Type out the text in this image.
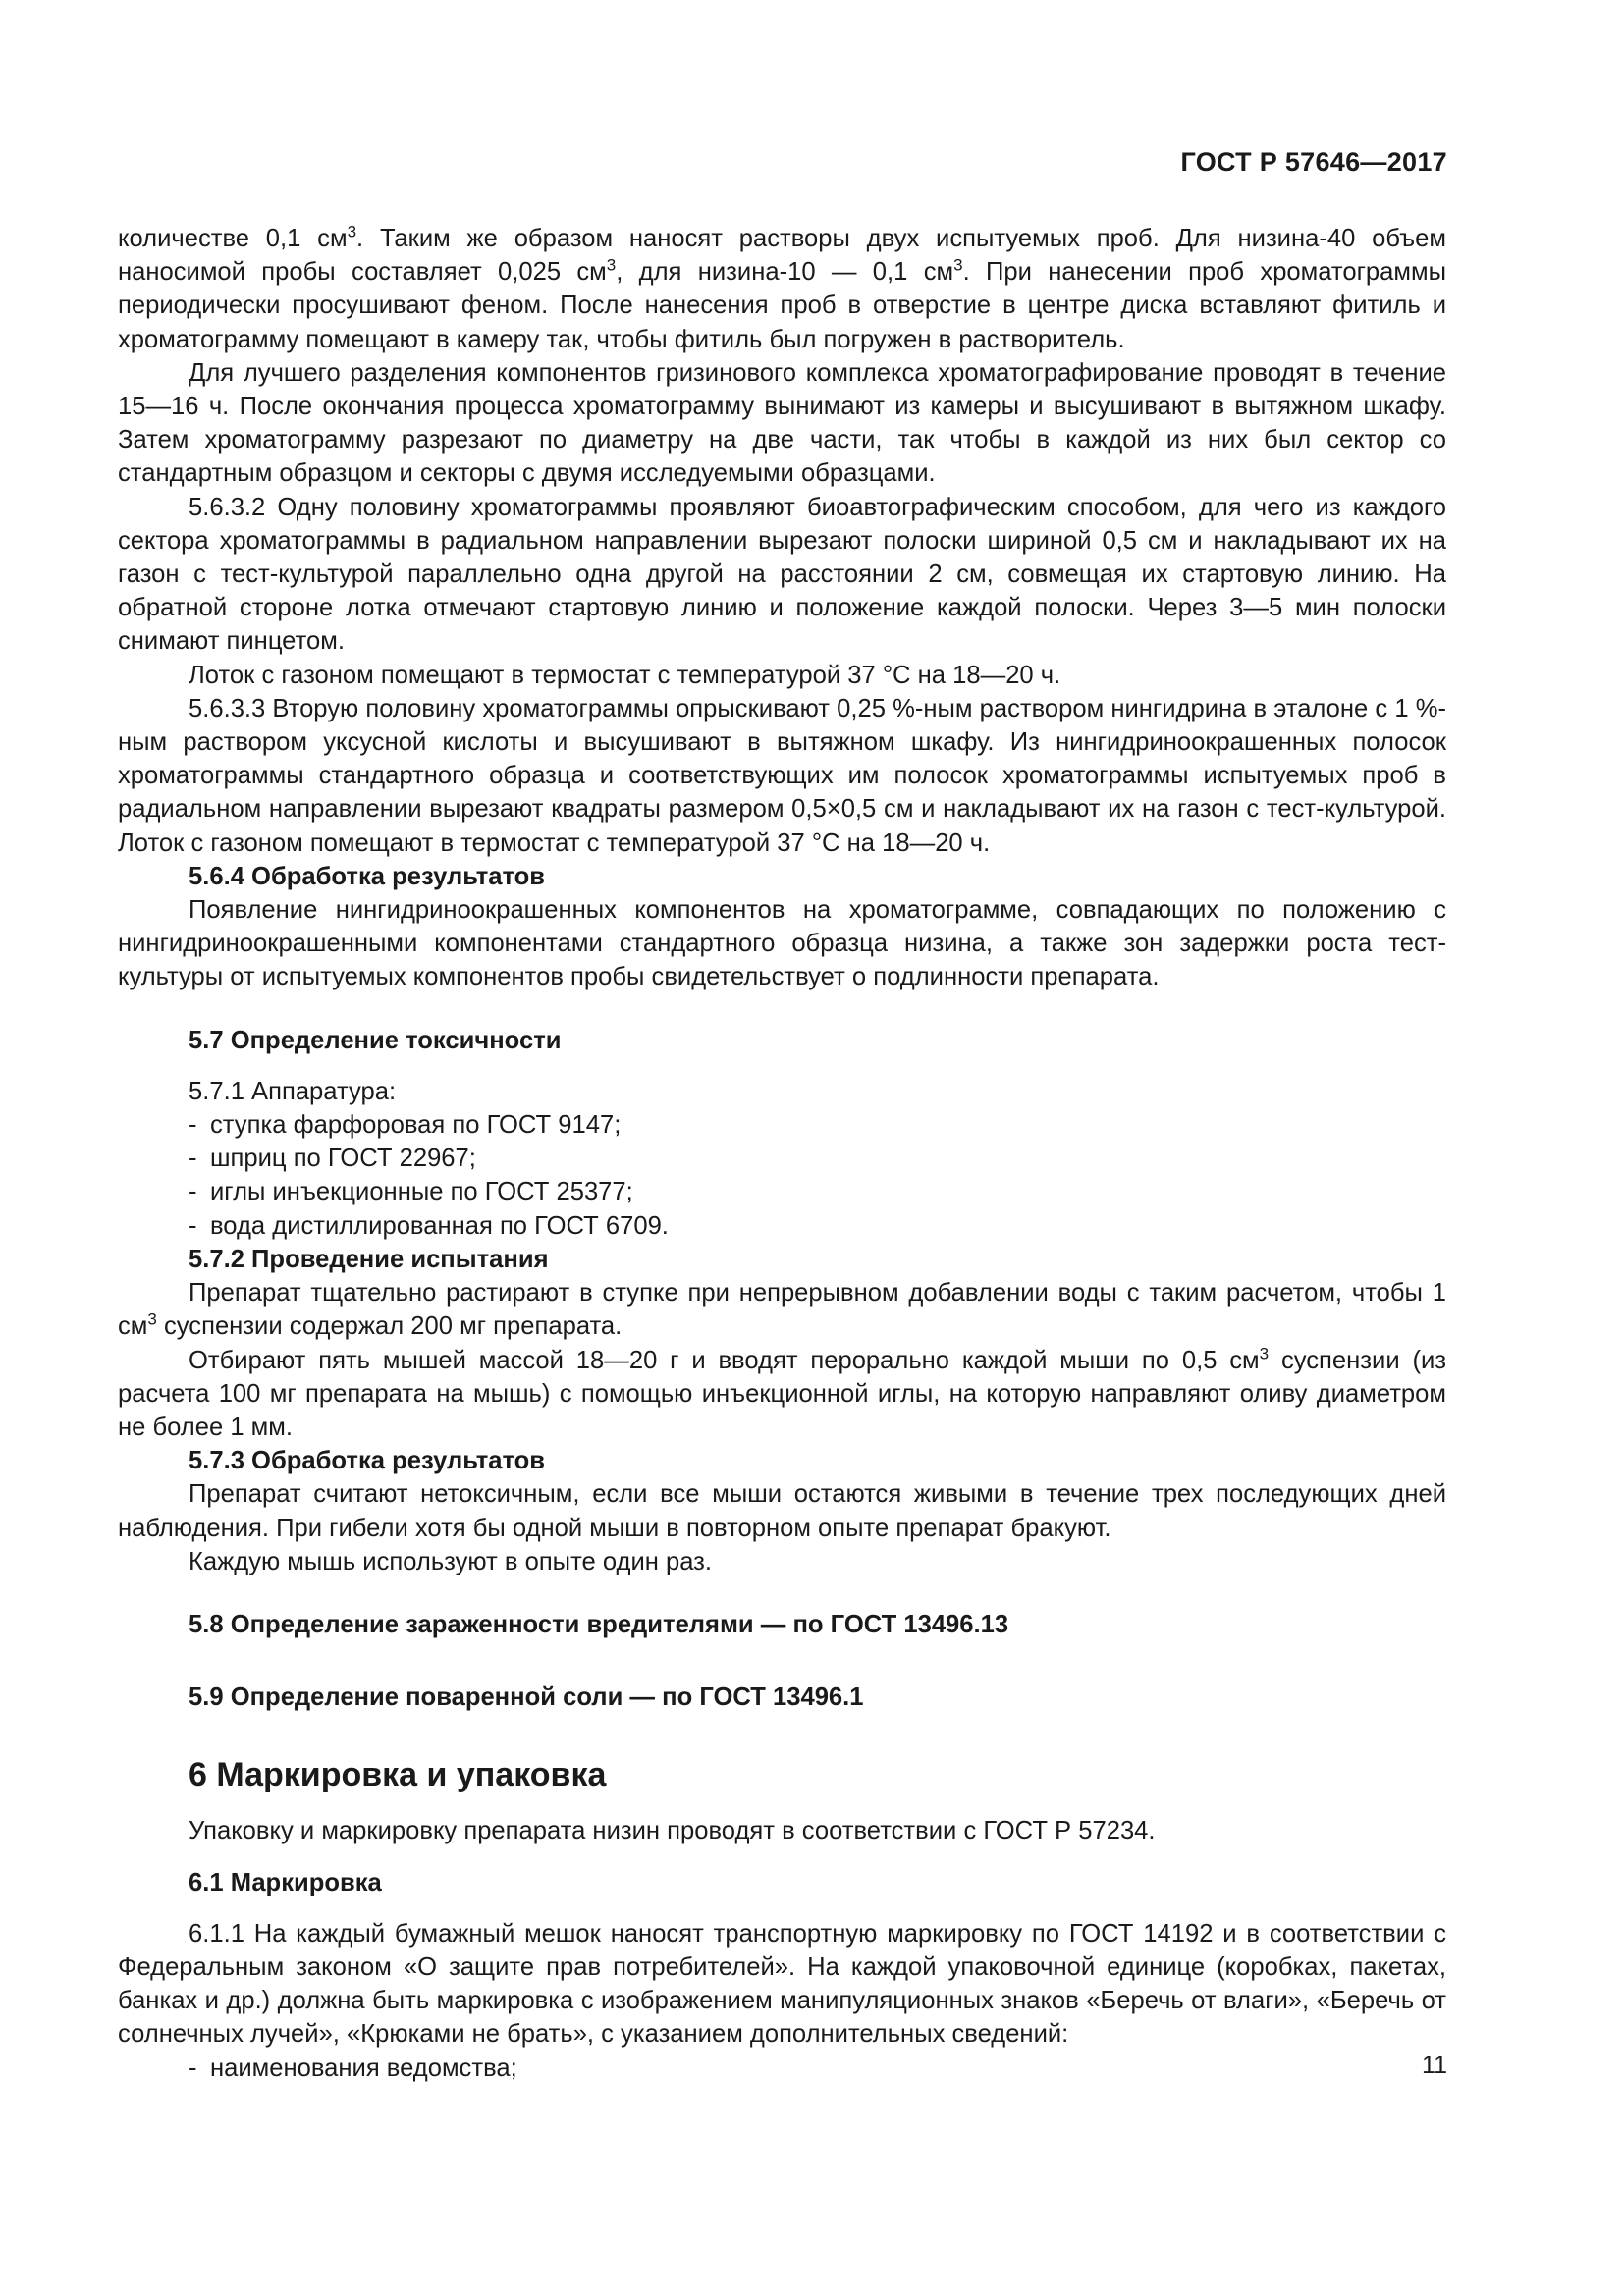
ГОСТ Р 57646—2017

количестве 0,1 $см^3$. Таким же образом наносят растворы двух испытуемых проб. Для низина-40 объем наносимой пробы составляет 0,025 $см^3$, для низина-10 — 0,1 $см^3$. При нанесении проб хроматограммы периодически просушивают феном. После нанесения проб в отверстие в центре диска вставляют фитиль и хроматограмму помещают в камеру так, чтобы фитиль был погружен в растворитель.

Для лучшего разделения компонентов гризинового комплекса хроматографирование проводят в течение 15—16 ч. После окончания процесса хроматограмму вынимают из камеры и высушивают в вытяжном шкафу. Затем хроматограмму разрезают по диаметру на две части, так чтобы в каждой из них был сектор со стандартным образцом и секторы с двумя исследуемыми образцами.

5.6.3.2 Одну половину хроматограммы проявляют биоавтографическим способом, для чего из каждого сектора хроматограммы в радиальном направлении вырезают полоски шириной 0,5 см и накладывают их на газон с тест-культурой параллельно одна другой на расстоянии 2 см, совмещая их стартовую линию. На обратной стороне лотка отмечают стартовую линию и положение каждой полоски. Через 3—5 мин полоски снимают пинцетом.

Лоток с газоном помещают в термостат с температурой 37 °С на 18—20 ч.

5.6.3.3 Вторую половину хроматограммы опрыскивают 0,25 %-ным раствором нингидрина в эталоне с 1 %-ным раствором уксусной кислоты и высушивают в вытяжном шкафу. Из нингидриноокрашенных полосок хроматограммы стандартного образца и соответствующих им полосок хроматограммы испытуемых проб в радиальном направлении вырезают квадраты размером 0,5×0,5 см и накладывают их на газон с тест-культурой. Лоток с газоном помещают в термостат с температурой 37 °С на 18—20 ч.

5.6.4 Обработка результатов

Появление нингидриноокрашенных компонентов на хроматограмме, совпадающих по положению с нингидриноокрашенными компонентами стандартного образца низина, а также зон задержки роста тест-культуры от испытуемых компонентов пробы свидетельствует о подлинности препарата.

5.7 Определение токсичности

5.7.1 Аппаратура:

- ступка фарфоровая по ГОСТ 9147;

- шприц по ГОСТ 22967;

- иглы инъекционные по ГОСТ 25377;

- вода дистиллированная по ГОСТ 6709.

5.7.2 Проведение испытания

Препарат тщательно растирают в ступке при непрерывном добавлении воды с таким расчетом, чтобы 1 $см^3$ суспензии содержал 200 мг препарата.

Отбирают пять мышей массой 18—20 г и вводят перорально каждой мыши по 0,5 $см^3$ суспензии (из расчета 100 мг препарата на мышь) с помощью инъекционной иглы, на которую направляют оливу диаметром не более 1 мм.

5.7.3 Обработка результатов

Препарат считают нетоксичным, если все мыши остаются живыми в течение трех последующих дней наблюдения. При гибели хотя бы одной мыши в повторном опыте препарат бракуют.

Каждую мышь используют в опыте один раз.

5.8 Определение зараженности вредителями — по ГОСТ 13496.13

5.9 Определение поваренной соли — по ГОСТ 13496.1

6 Маркировка и упаковка

Упаковку и маркировку препарата низин проводят в соответствии с ГОСТ Р 57234.

6.1 Маркировка

6.1.1 На каждый бумажный мешок наносят транспортную маркировку по ГОСТ 14192 и в соответствии с Федеральным законом «О защите прав потребителей». На каждой упаковочной единице (коробках, пакетах, банках и др.) должна быть маркировка с изображением манипуляционных знаков «Беречь от влаги», «Беречь от солнечных лучей», «Крюками не брать», с указанием дополнительных сведений:

- наименования ведомства;	11
